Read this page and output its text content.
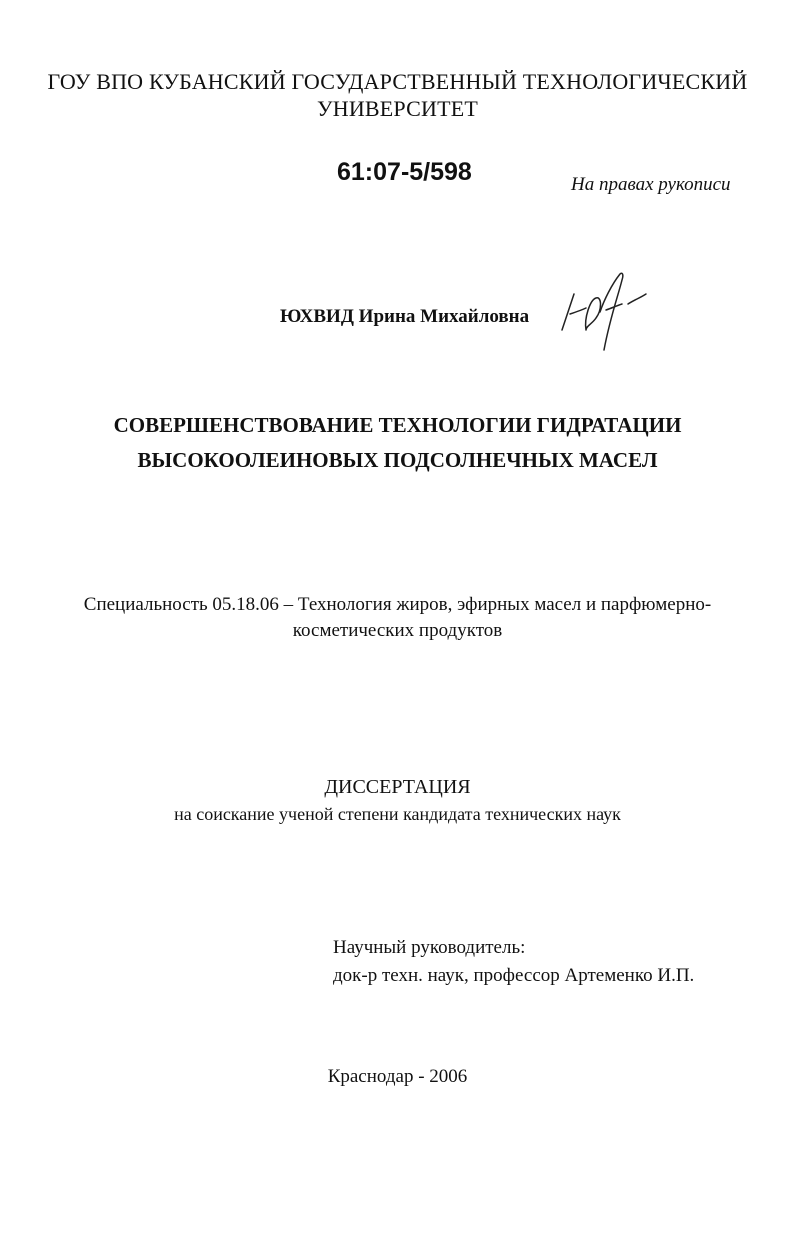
ГОУ ВПО КУБАНСКИЙ ГОСУДАРСТВЕННЫЙ ТЕХНОЛОГИЧЕСКИЙ
УНИВЕРСИТЕТ
61:07-5/598	На правах рукописи
ЮХВИД Ирина Михайловна
СОВЕРШЕНСТВОВАНИЕ ТЕХНОЛОГИИ ГИДРАТАЦИИ
ВЫСОКООЛЕИНОВЫХ ПОДСОЛНЕЧНЫХ МАСЕЛ
Специальность 05.18.06 – Технология жиров, эфирных масел и парфюмерно-
косметических продуктов
ДИССЕРТАЦИЯ
на соискание ученой степени кандидата технических наук
Научный руководитель:
док-р техн. наук, профессор Артеменко И.П.
Краснодар - 2006
